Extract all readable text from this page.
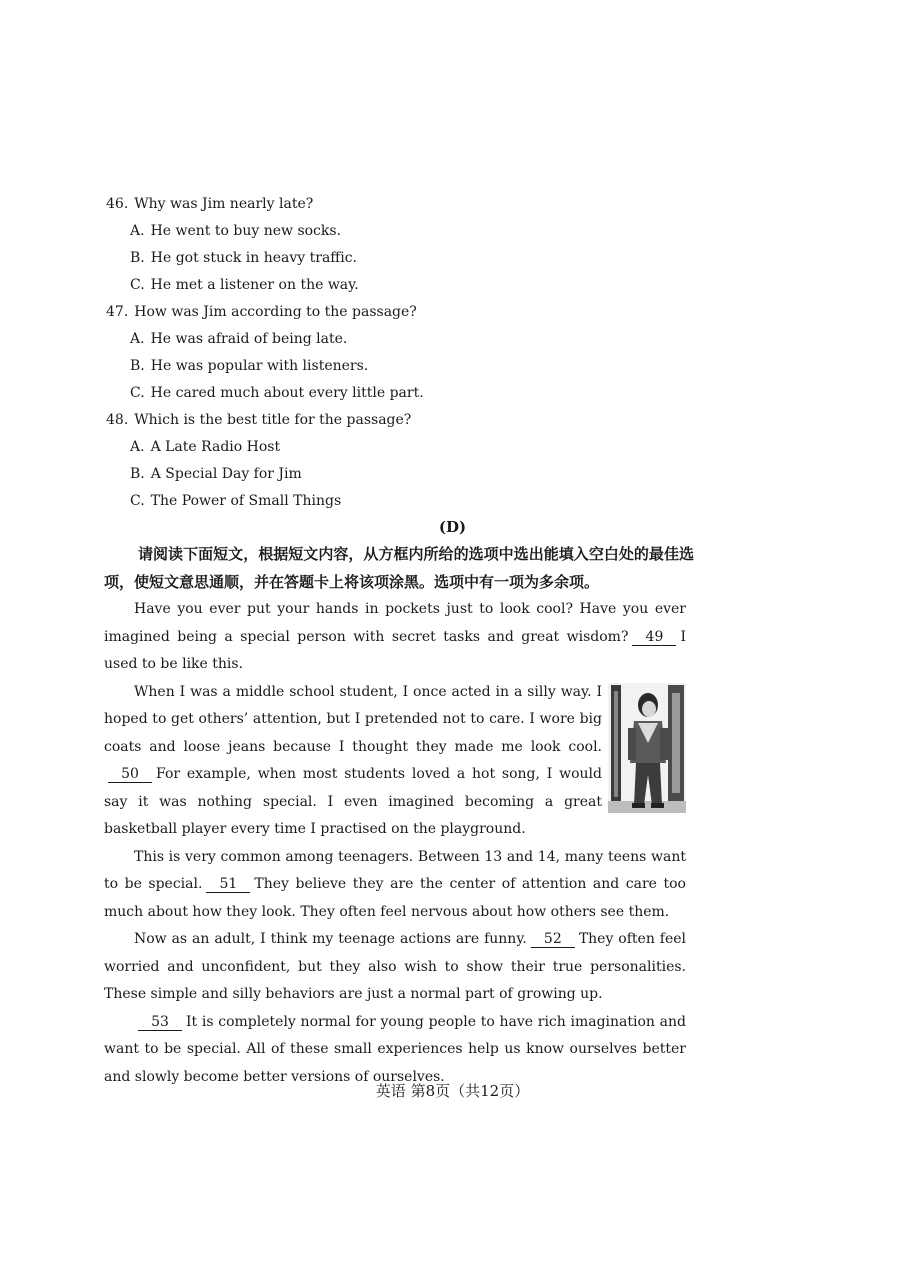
46. Why was Jim nearly late?
A. He went to buy new socks.
B. He got stuck in heavy traffic.
C. He met a listener on the way.
47. How was Jim according to the passage?
A. He was afraid of being late.
B. He was popular with listeners.
C. He cared much about every little part.
48. Which is the best title for the passage?
A. A Late Radio Host
B. A Special Day for Jim
C. The Power of Small Things
(D)
请阅读下面短文，根据短文内容，从方框内所给的选项中选出能填入空白处的最佳选项，使短文意思通顺，并在答题卡上将该项涂黑。选项中有一项为多余项。

Have you ever put your hands in pockets just to look cool? Have you ever imagined being a special person with secret tasks and great wisdom? 49 I used to be like this.

When I was a middle school student, I once acted in a silly way. I hoped to get others’ attention, but I pretended not to care. I wore big coats and loose jeans because I thought they made me look cool.50 For example, when most students loved a hot song, I would say it was nothing special. I even imagined becoming a great basketball player every time I practised on the playground.

This is very common among teenagers. Between 13 and 14, many teens want to be special. 51 They believe they are the center of attention and care too much about how they look. They often feel nervous about how others see them.

Now as an adult, I think my teenage actions are funny. 52 They often feel worried and unconfident, but they also wish to show their true personalities. These simple and silly behaviors are just a normal part of growing up.

53 It is completely normal for young people to have rich imagination and want to be special. All of these small experiences help us know ourselves better and slowly become better versions of ourselves.

英语 第8页（共12页）
